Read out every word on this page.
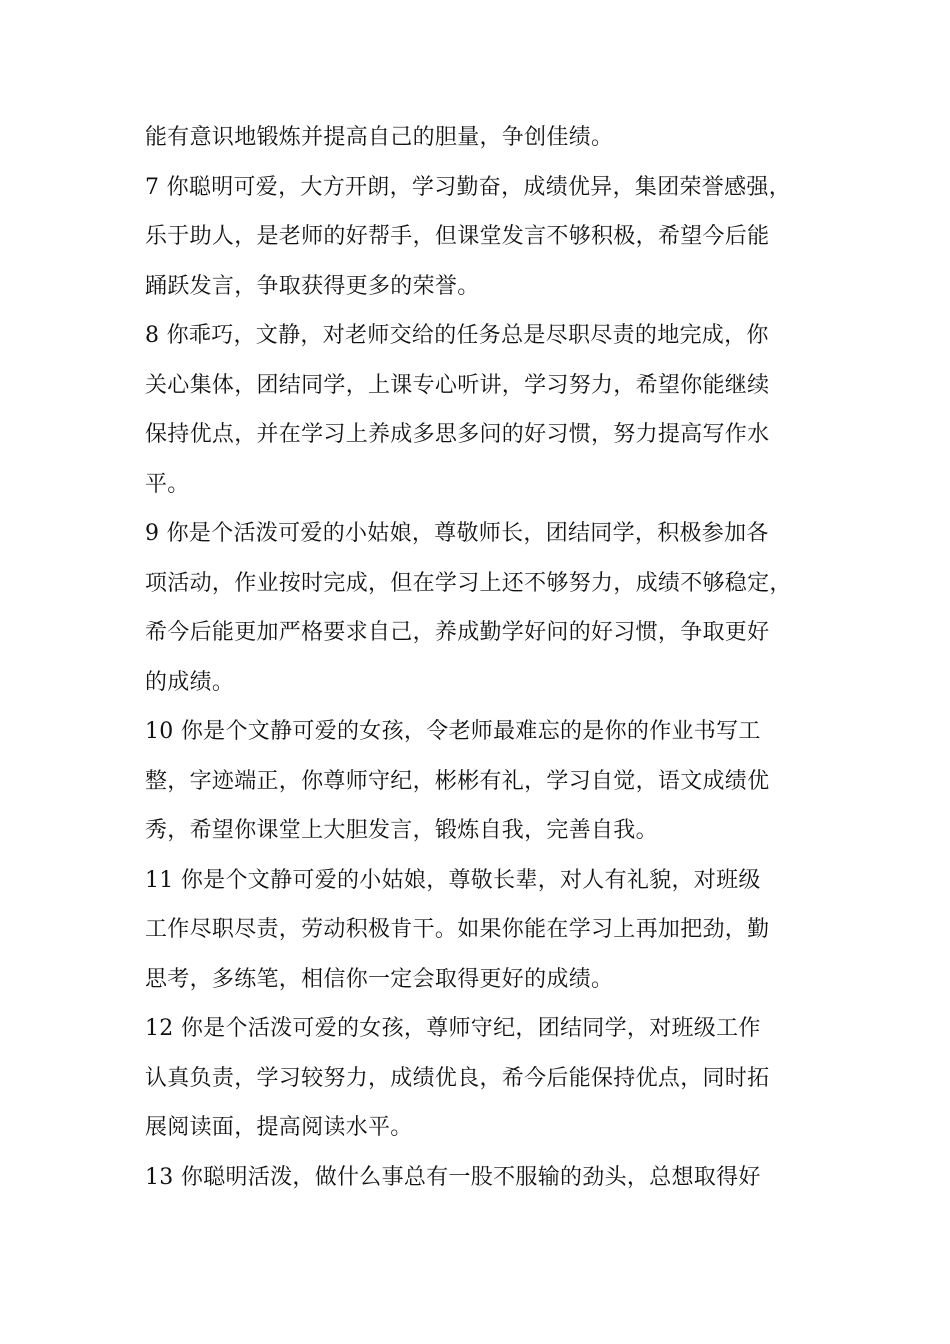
能有意识地锻炼并提高自己的胆量，争创佳绩。
7 你聪明可爱，大方开朗，学习勤奋，成绩优异，集团荣誉感强，
乐于助人，是老师的好帮手，但课堂发言不够积极，希望今后能
踊跃发言，争取获得更多的荣誉。
8 你乖巧，文静，对老师交给的任务总是尽职尽责的地完成，你
关心集体，团结同学，上课专心听讲，学习努力，希望你能继续
保持优点，并在学习上养成多思多问的好习惯，努力提高写作水
平。
9 你是个活泼可爱的小姑娘，尊敬师长，团结同学，积极参加各
项活动，作业按时完成，但在学习上还不够努力，成绩不够稳定，
希今后能更加严格要求自己，养成勤学好问的好习惯，争取更好
的成绩。
10 你是个文静可爱的女孩，令老师最难忘的是你的作业书写工
整，字迹端正，你尊师守纪，彬彬有礼，学习自觉，语文成绩优
秀，希望你课堂上大胆发言，锻炼自我，完善自我。
11 你是个文静可爱的小姑娘，尊敬长辈，对人有礼貌，对班级
工作尽职尽责，劳动积极肯干。如果你能在学习上再加把劲，勤
思考，多练笔，相信你一定会取得更好的成绩。
12 你是个活泼可爱的女孩，尊师守纪，团结同学，对班级工作
认真负责，学习较努力，成绩优良，希今后能保持优点，同时拓
展阅读面，提高阅读水平。
13 你聪明活泼，做什么事总有一股不服输的劲头，总想取得好
